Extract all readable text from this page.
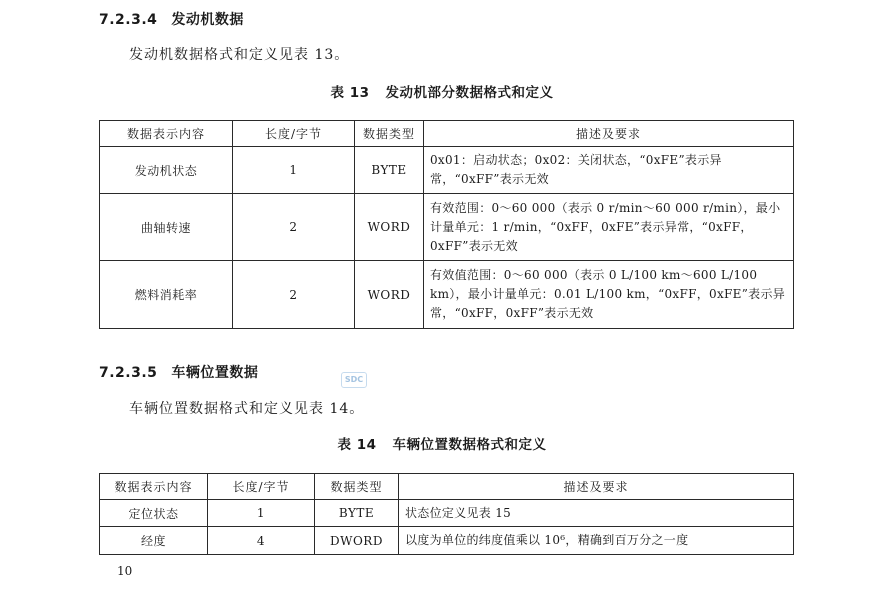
7.2.3.4 发动机数据
发动机数据格式和定义见表 13。
表 13 发动机部分数据格式和定义
数据表示内容	长度/字节	数据类型	描述及要求
发动机状态	1	BYTE	0x01：启动状态；0x02：关闭状态，“0xFE”表示异常，“0xFF”表示无效
曲轴转速	2	WORD	有效范围：0～60 000（表示 0 r/min～60 000 r/min），最小计量单元：1 r/min，“0xFF，0xFE”表示异常，“0xFF，0xFF”表示无效
燃料消耗率	2	WORD	有效值范围：0～60 000（表示 0 L/100 km～600 L/100 km），最小计量单元：0.01 L/100 km，“0xFF，0xFE”表示异常，“0xFF，0xFF”表示无效
7.2.3.5 车辆位置数据	SDC
车辆位置数据格式和定义见表 14。
表 14 车辆位置数据格式和定义
数据表示内容	长度/字节	数据类型	描述及要求
定位状态	1	BYTE	状态位定义见表 15
经度	4	DWORD	以度为单位的纬度值乘以 10⁶，精确到百万分之一度
10
